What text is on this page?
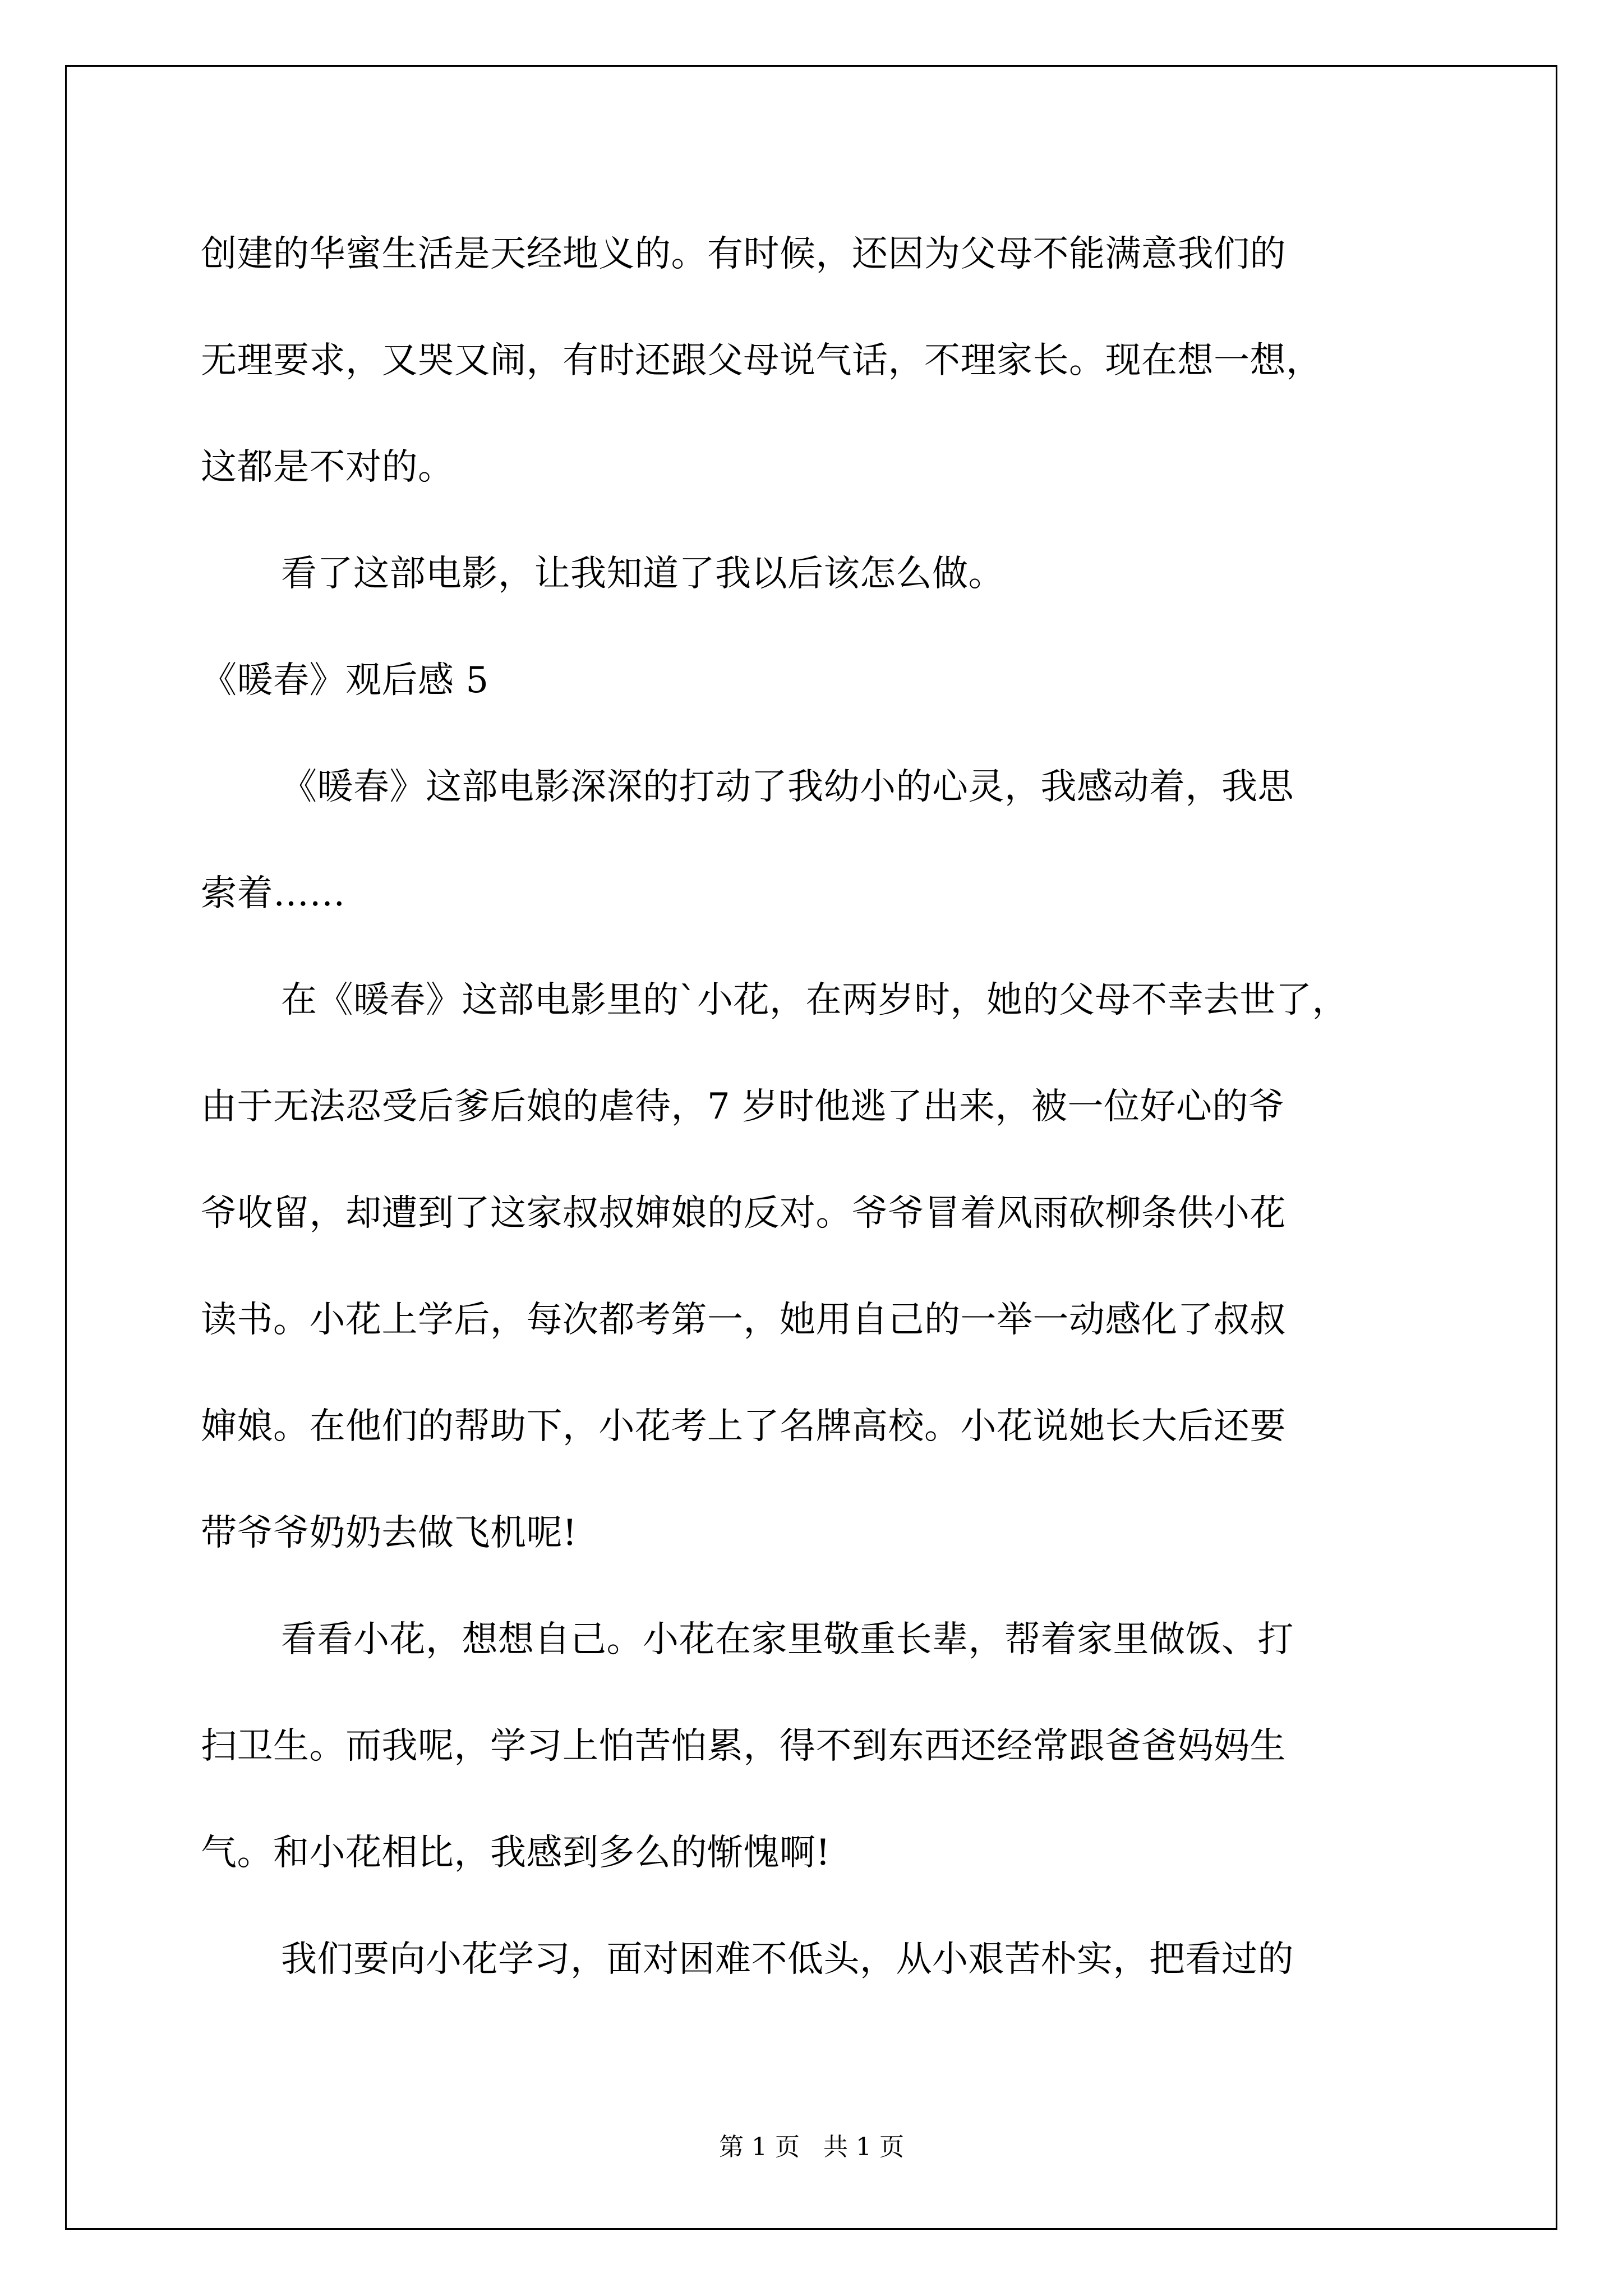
创建的华蜜生活是天经地义的。有时候，还因为父母不能满意我们的
无理要求，又哭又闹，有时还跟父母说气话，不理家长。现在想一想，
这都是不对的。
看了这部电影，让我知道了我以后该怎么做。
《暖春》观后感 5
《暖春》这部电影深深的打动了我幼小的心灵，我感动着，我思
索着……
在《暖春》这部电影里的`小花，在两岁时，她的父母不幸去世了，
由于无法忍受后爹后娘的虐待，7 岁时他逃了出来，被一位好心的爷
爷收留，却遭到了这家叔叔婶娘的反对。爷爷冒着风雨砍柳条供小花
读书。小花上学后，每次都考第一，她用自己的一举一动感化了叔叔
婶娘。在他们的帮助下，小花考上了名牌高校。小花说她长大后还要
带爷爷奶奶去做飞机呢!
看看小花，想想自己。小花在家里敬重长辈，帮着家里做饭、打
扫卫生。而我呢，学习上怕苦怕累，得不到东西还经常跟爸爸妈妈生
气。和小花相比，我感到多么的惭愧啊!
我们要向小花学习，面对困难不低头，从小艰苦朴实，把看过的
第 1 页   共 1 页
